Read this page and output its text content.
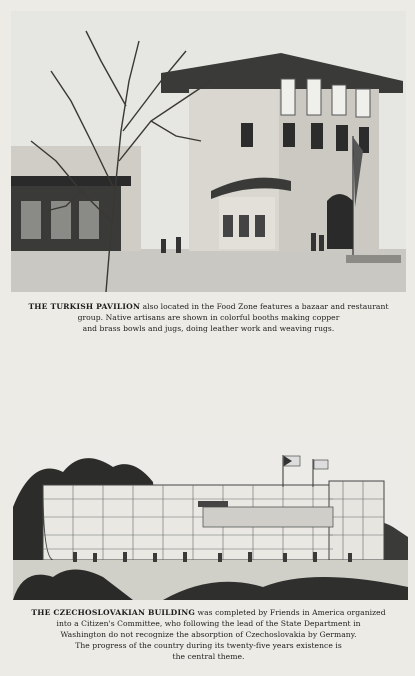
THE TURKISH PAVILION also located in the Food Zone features a bazaar and restaurant
group. Native artisans are shown in colorful booths making copper
and brass bowls and jugs, doing leather work and weaving rugs.
THE CZECHOSLOVAKIAN BUILDING was completed by Friends in America organized
into a Citizen's Committee, who following the lead of the State Department in
Washington do not recognize the absorption of Czechoslovakia by Germany.
The progress of the country during its twenty-five years existence is
the central theme.
